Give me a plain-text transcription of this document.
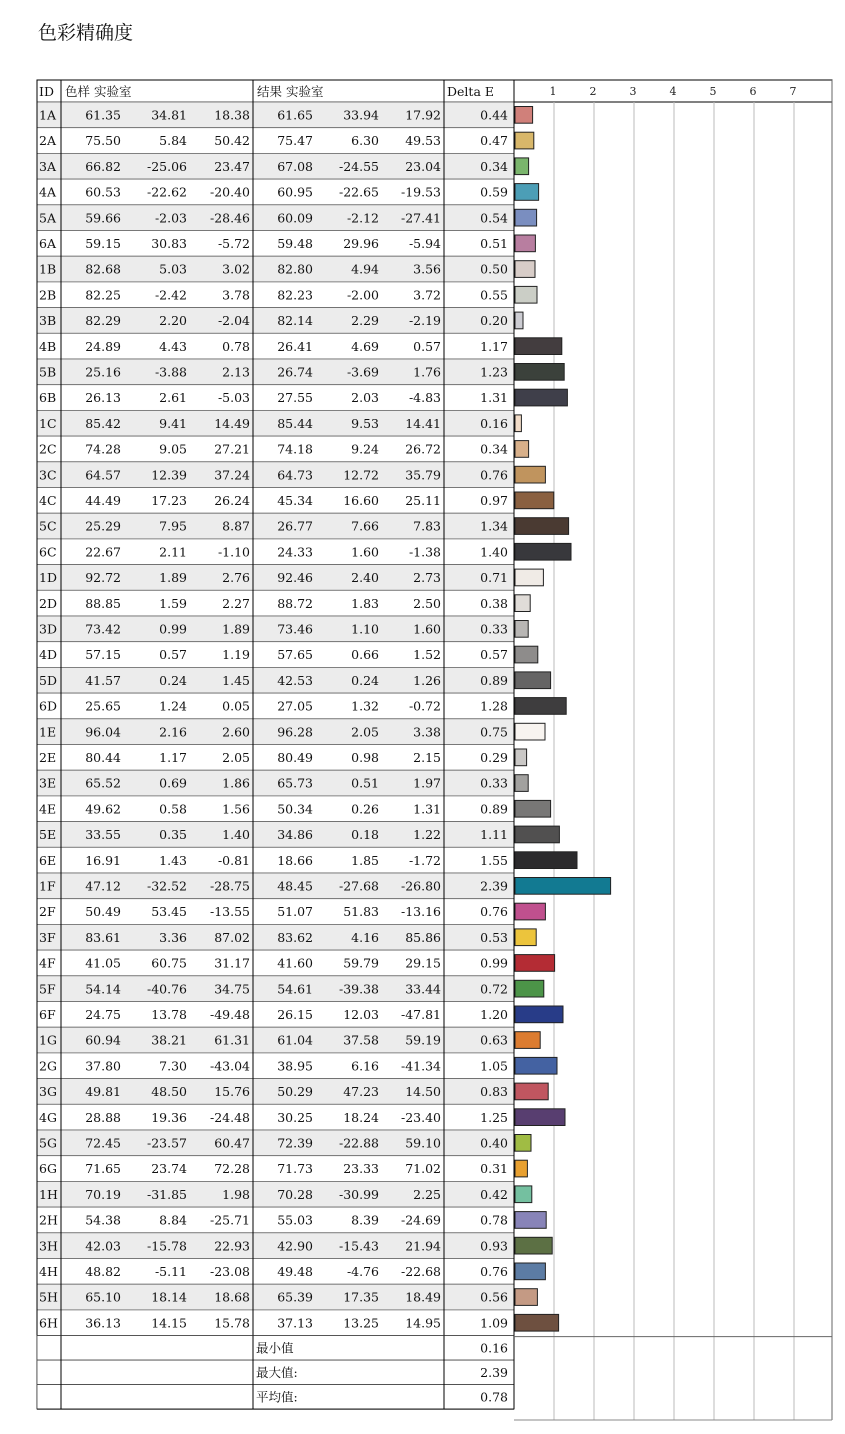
色彩精确度
1	2	3	4	5	6	7
ID 色样 实验室	结果 实验室	Delta E
1A 61.35 34.81 18.38 61.65 33.94 17.92	0.44
2A 75.50	5.84 50.42 75.47	6.30 49.53	0.47
3A 66.82 -25.06 23.47 67.08 -24.55 23.04	0.34
4A 60.53 -22.62 -20.40 60.95 -22.65 -19.53	0.59
5A 59.66	-2.03 -28.46 60.09	-2.12 -27.41	0.54
6A 59.15 30.83 -5.72 59.48 29.96 -5.94	0.51
1B 82.68	5.03	3.02 82.80	4.94	3.56	0.50
2B 82.25	-2.42	3.78 82.23	-2.00	3.72	0.55
3B 82.29	2.20 -2.04 82.14	2.29 -2.19	0.20
4B 24.89	4.43	0.78 26.41	4.69	0.57	1.17
5B 25.16	-3.88	2.13 26.74	-3.69	1.76	1.23
6B 26.13	2.61 -5.03 27.55	2.03 -4.83	1.31
1C 85.42	9.41 14.49 85.44	9.53 14.41	0.16
2C 74.28	9.05 27.21 74.18	9.24 26.72	0.34
3C 64.57 12.39 37.24 64.73 12.72 35.79	0.76
4C 44.49 17.23 26.24 45.34 16.60 25.11	0.97
5C 25.29	7.95	8.87 26.77	7.66	7.83	1.34
6C 22.67	2.11 -1.10 24.33	1.60 -1.38	1.40
1D 92.72	1.89	2.76 92.46	2.40	2.73	0.71
2D 88.85	1.59	2.27 88.72	1.83	2.50	0.38
3D 73.42	0.99	1.89 73.46	1.10	1.60	0.33
4D 57.15	0.57	1.19 57.65	0.66	1.52	0.57
5D 41.57	0.24	1.45 42.53	0.24	1.26	0.89
6D 25.65	1.24	0.05 27.05	1.32 -0.72	1.28
1E 96.04	2.16	2.60 96.28	2.05	3.38	0.75
2E 80.44	1.17	2.05 80.49	0.98	2.15	0.29
3E 65.52	0.69	1.86 65.73	0.51	1.97	0.33
4E 49.62	0.58	1.56 50.34	0.26	1.31	0.89
5E 33.55	0.35	1.40 34.86	0.18	1.22	1.11
6E 16.91	1.43 -0.81 18.66	1.85 -1.72	1.55
1F 47.12 -32.52 -28.75 48.45 -27.68 -26.80	2.39
2F 50.49 53.45 -13.55 51.07 51.83 -13.16	0.76
3F 83.61	3.36 87.02 83.62	4.16 85.86	0.53
4F 41.05 60.75 31.17 41.60 59.79 29.15	0.99
5F 54.14 -40.76 34.75 54.61 -39.38 33.44	0.72
6F 24.75 13.78 -49.48 26.15 12.03 -47.81	1.20
1G 60.94 38.21 61.31 61.04 37.58 59.19	0.63
2G 37.80	7.30 -43.04 38.95	6.16 -41.34	1.05
3G 49.81 48.50 15.76 50.29 47.23 14.50	0.83
4G 28.88 19.36 -24.48 30.25 18.24 -23.40	1.25
5G 72.45 -23.57 60.47 72.39 -22.88 59.10	0.40
6G 71.65 23.74 72.28 71.73 23.33 71.02	0.31
1H 70.19 -31.85	1.98 70.28 -30.99	2.25	0.42
2H 54.38	8.84 -25.71 55.03	8.39 -24.69	0.78
3H 42.03 -15.78 22.93 42.90 -15.43 21.94	0.93
4H 48.82	-5.11 -23.08 49.48	-4.76 -22.68	0.76
5H 65.10 18.14 18.68 65.39 17.35 18.49	0.56
6H 36.13 14.15 15.78 37.13 13.25 14.95	1.09
最小值	0.16
最大值:	2.39
平均值:	0.78
